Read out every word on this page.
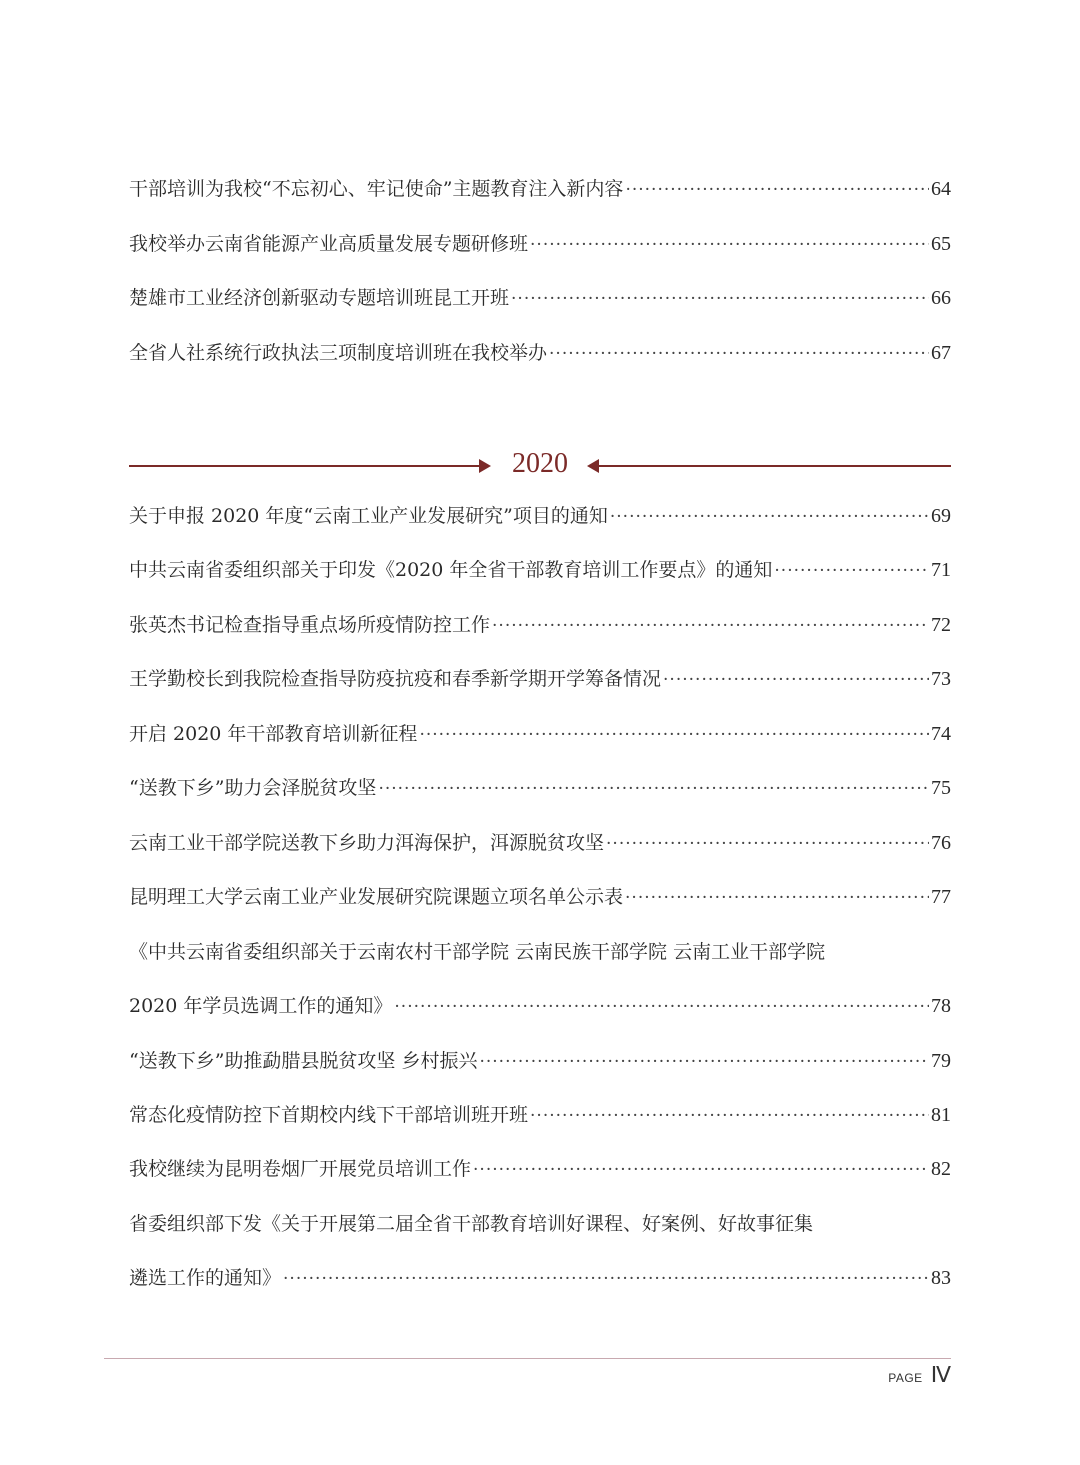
干部培训为我校“不忘初心、牢记使命”主题教育注入新内容 ·····	64
我校举办云南省能源产业高质量发展专题研修班 ·····	65
楚雄市工业经济创新驱动专题培训班昆工开班 ·····	66
全省人社系统行政执法三项制度培训班在我校举办 ·····	67
2020
关于申报 2020 年度“云南工业产业发展研究”项目的通知 ·····	69
中共云南省委组织部关于印发《2020 年全省干部教育培训工作要点》的通知 ·····	71
张英杰书记检查指导重点场所疫情防控工作 ·····	72
王学勤校长到我院检查指导防疫抗疫和春季新学期开学筹备情况 ·····	73
开启 2020 年干部教育培训新征程 ·····	74
“送教下乡”助力会泽脱贫攻坚 ·····	75
云南工业干部学院送教下乡助力洱海保护，洱源脱贫攻坚 ·····	76
昆明理工大学云南工业产业发展研究院课题立项名单公示表 ·····	77
《中共云南省委组织部关于云南农村干部学院 云南民族干部学院 云南工业干部学院
2020 年学员选调工作的通知》 ·····	78
“送教下乡”助推勐腊县脱贫攻坚 乡村振兴 ·····	79
常态化疫情防控下首期校内线下干部培训班开班 ·····	81
我校继续为昆明卷烟厂开展党员培训工作 ·····	82
省委组织部下发《关于开展第二届全省干部教育培训好课程、好案例、好故事征集
遴选工作的通知》 ·····	83
PAGE Ⅳ
